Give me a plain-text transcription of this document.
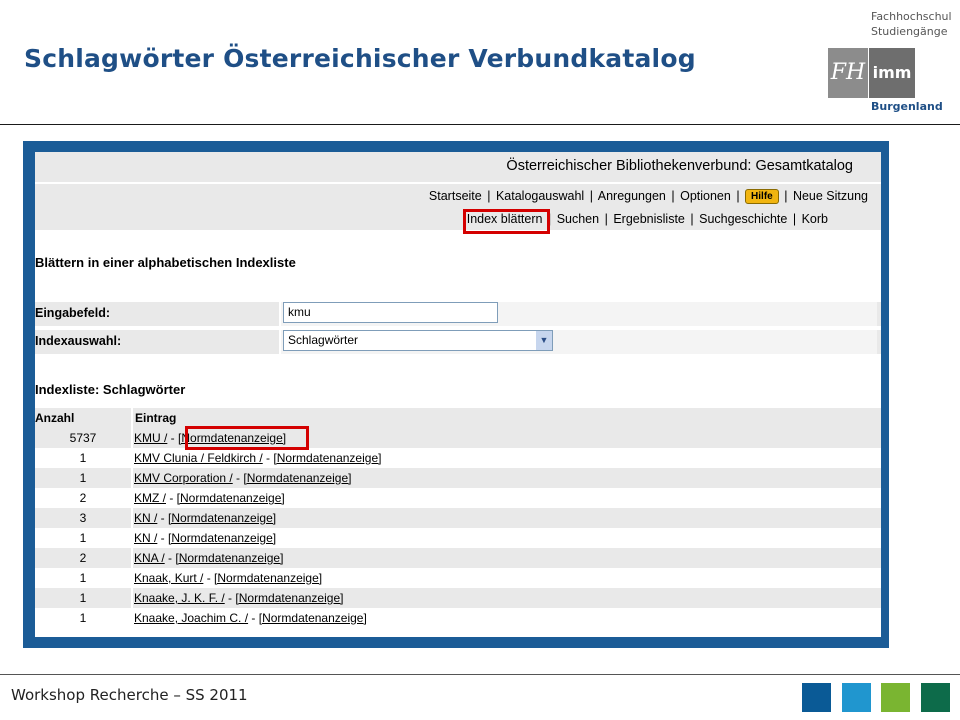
Schlagwörter Österreichischer Verbundkatalog
Fachhochschul
Studiengänge
FH imm
Burgenland
Österreichischer Bibliothekenverbund: Gesamtkatalog
Startseite | Katalogauswahl | Anregungen | Optionen | Hilfe | Neue Sitzung
Index blättern | Suchen | Ergebnisliste | Suchgeschichte | Korb
Blättern in einer alphabetischen Indexliste
Eingabefeld:	kmu
Indexauswahl:	Schlagwörter	▼
Indexliste: Schlagwörter
Anzahl	Eintrag
5737	KMU / - [Normdatenanzeige]
1	KMV Clunia / Feldkirch / - [Normdatenanzeige]
1	KMV Corporation / - [Normdatenanzeige]
2	KMZ / - [Normdatenanzeige]
3	KN / - [Normdatenanzeige]
1	KN / - [Normdatenanzeige]
2	KNA / - [Normdatenanzeige]
1	Knaak, Kurt / - [Normdatenanzeige]
1	Knaake, J. K. F. / - [Normdatenanzeige]
1	Knaake, Joachim C. / - [Normdatenanzeige]
Workshop Recherche – SS 2011
